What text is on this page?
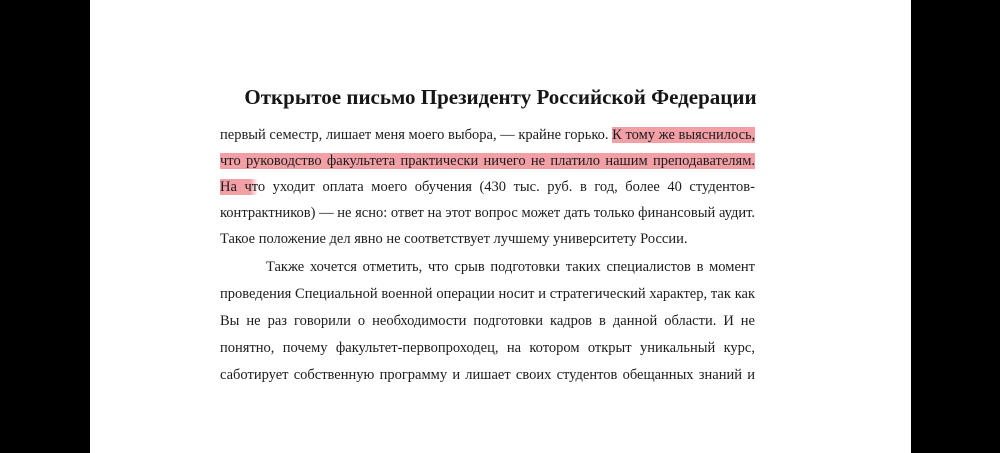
Открытое письмо Президенту Российской Федерации
первый семестр, лишает меня моего выбора, — крайне горько. К тому же выяснилось,
что руководство факультета практически ничего не платило нашим преподавателям.
На что уходит оплата моего обучения (430 тыс. руб. в год, более 40 студентов-
контрактников) — не ясно: ответ на этот вопрос может дать только финансовый аудит.
Такое положение дел явно не соответствует лучшему университету России.
Также хочется отметить, что срыв подготовки таких специалистов в момент
проведения Специальной военной операции носит и стратегический характер, так как
Вы не раз говорили о необходимости подготовки кадров в данной области. И не
понятно, почему факультет-первопроходец, на котором открыт уникальный курс,
саботирует собственную программу и лишает своих студентов обещанных знаний и
